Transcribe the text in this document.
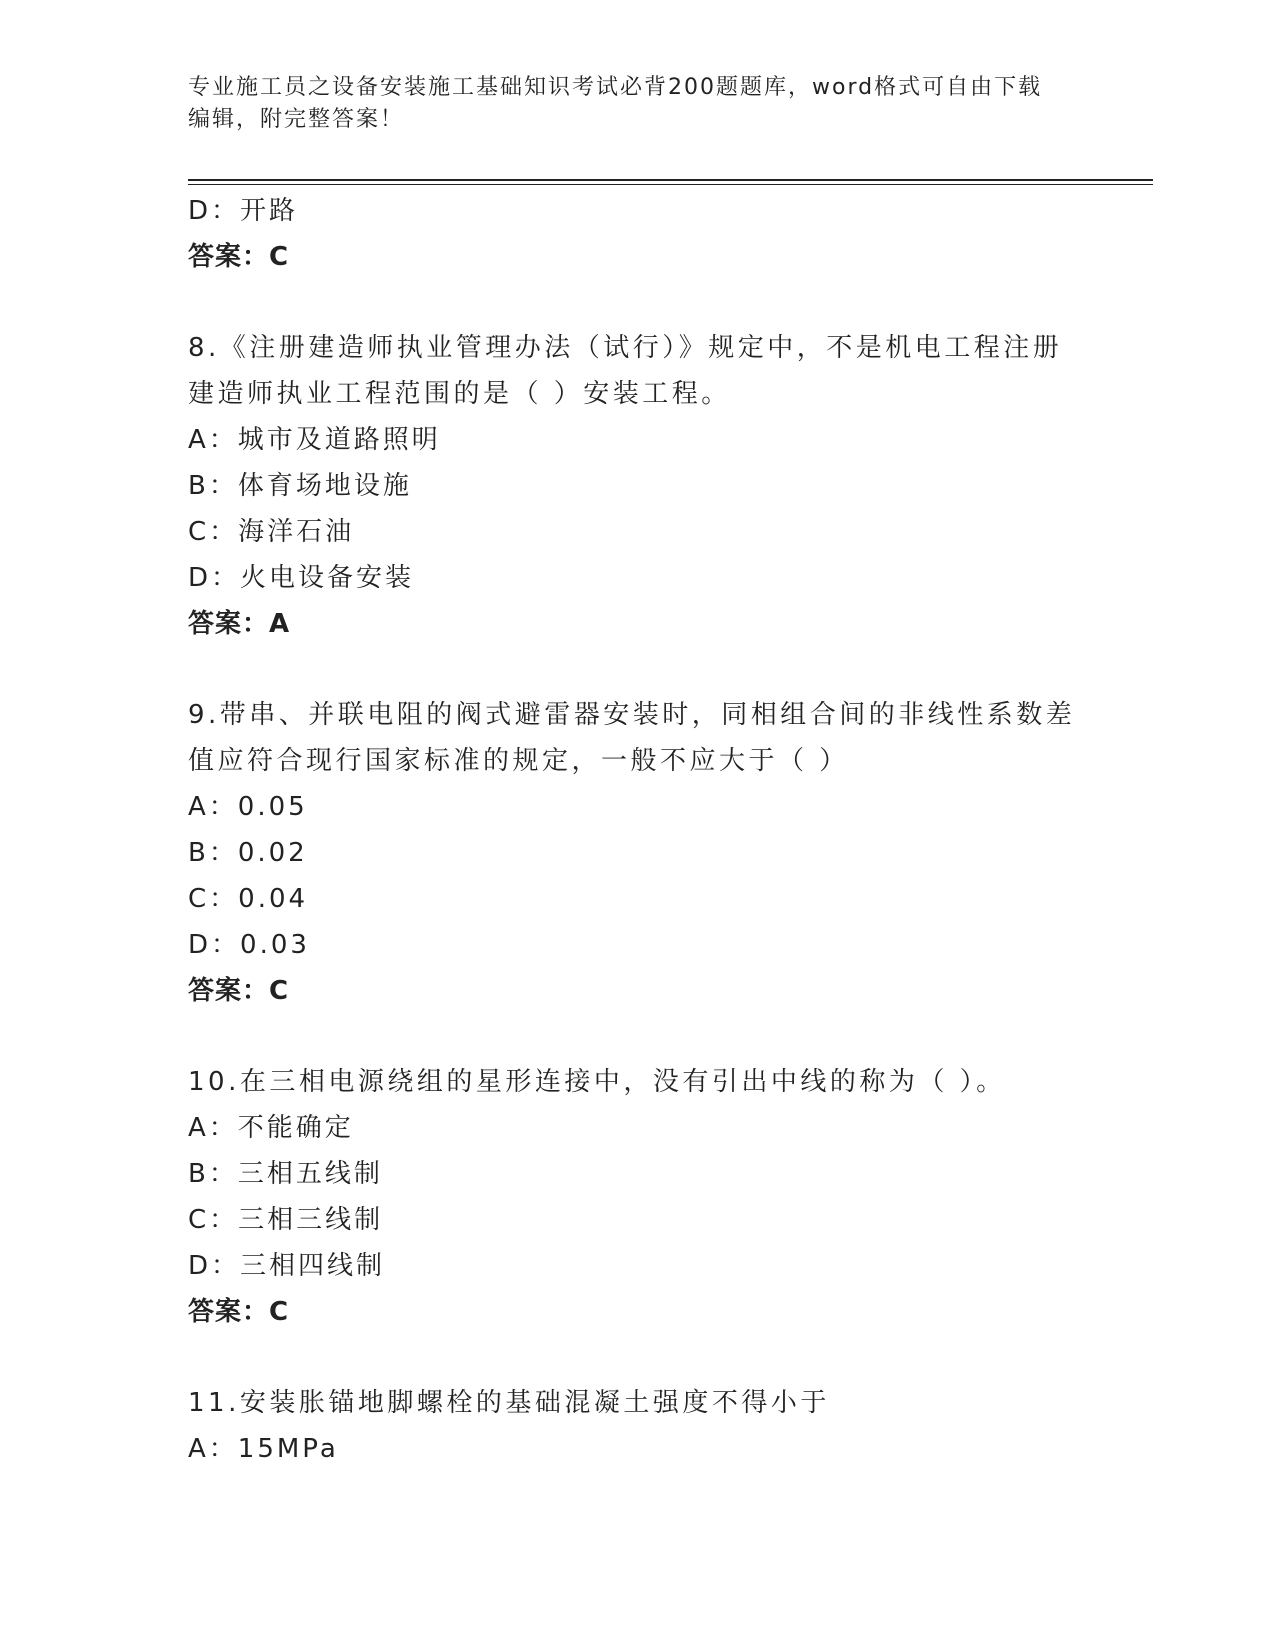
专业施工员之设备安装施工基础知识考试必背200题题库，word格式可自由下载
编辑，附完整答案！
D：开路
答案：C
8.《注册建造师执业管理办法（试行）》规定中，不是机电工程注册
建造师执业工程范围的是（ ）安装工程。
A：城市及道路照明
B：体育场地设施
C：海洋石油
D：火电设备安装
答案：A
9.带串、并联电阻的阀式避雷器安装时，同相组合间的非线性系数差
值应符合现行国家标准的规定，一般不应大于（ ）
A：0.05
B：0.02
C：0.04
D：0.03
答案：C
10.在三相电源绕组的星形连接中，没有引出中线的称为（ ）。
A：不能确定
B：三相五线制
C：三相三线制
D：三相四线制
答案：C
11.安装胀锚地脚螺栓的基础混凝土强度不得小于
A：15MPa
